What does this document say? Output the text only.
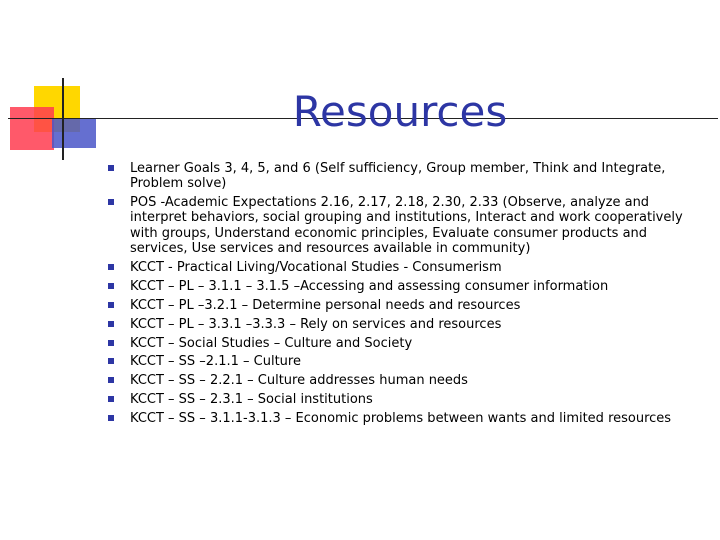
Resources
Learner Goals 3, 4, 5, and 6 (Self sufficiency, Group member, Think and Integrate, Problem solve)
POS -Academic Expectations 2.16, 2.17, 2.18, 2.30, 2.33 (Observe, analyze and interpret behaviors, social grouping and institutions, Interact and work cooperatively with groups, Understand economic principles, Evaluate consumer products and services, Use services and resources available in community)
KCCT - Practical Living/Vocational Studies - Consumerism
KCCT – PL – 3.1.1 – 3.1.5 –Accessing and assessing consumer information
KCCT – PL –3.2.1 – Determine personal needs and resources
KCCT – PL – 3.3.1 –3.3.3 – Rely on services and resources
KCCT – Social Studies – Culture and Society
KCCT – SS –2.1.1 – Culture
KCCT – SS – 2.2.1 – Culture addresses human needs
KCCT – SS – 2.3.1 – Social institutions
KCCT – SS – 3.1.1-3.1.3 – Economic problems between wants and limited resources
